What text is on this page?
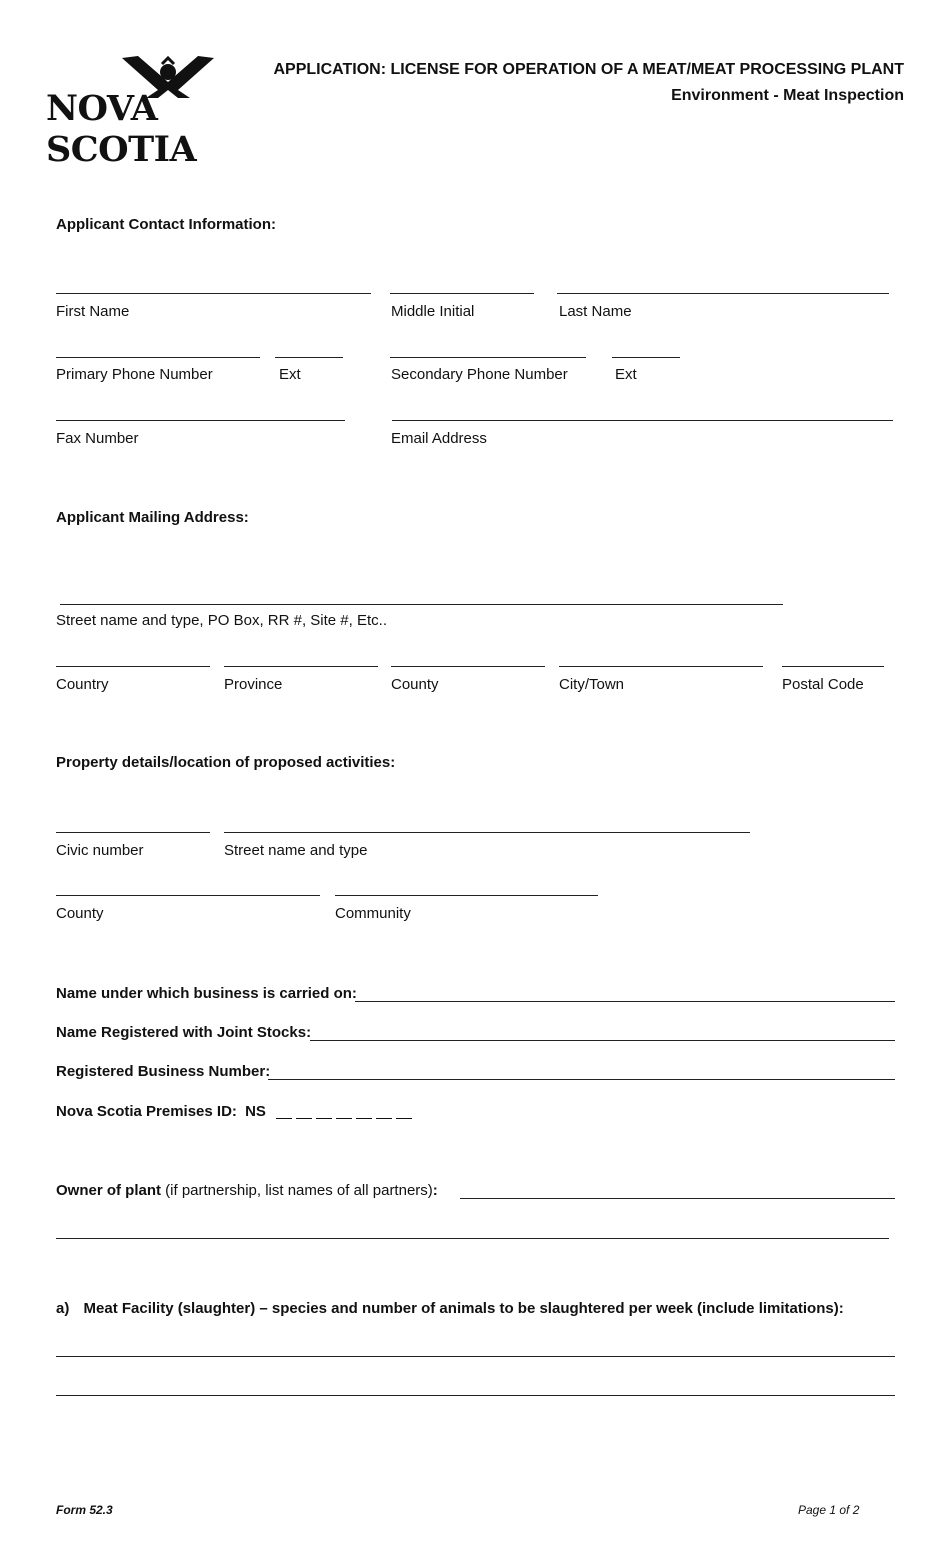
NOVA SCOTIA
APPLICATION: LICENSE FOR OPERATION OF A MEAT/MEAT PROCESSING PLANT
Environment - Meat Inspection
Applicant Contact Information:
First Name	Middle Initial	Last Name
Primary Phone Number	Ext	Secondary Phone Number	Ext
Fax Number	Email Address
Applicant Mailing Address:
Street name and type, PO Box, RR #, Site #, Etc..
Country	Province	County	City/Town	Postal Code
Property details/location of proposed activities:
Civic number	Street name and type
County	Community
Name under which business is carried on:
Name Registered with Joint Stocks:
Registered Business Number:
Nova Scotia Premises ID: NS
Owner of plant (if partnership, list names of all partners):
a) Meat Facility (slaughter) – species and number of animals to be slaughtered per week (include limitations):
Form 52.3	Page 1 of 2
